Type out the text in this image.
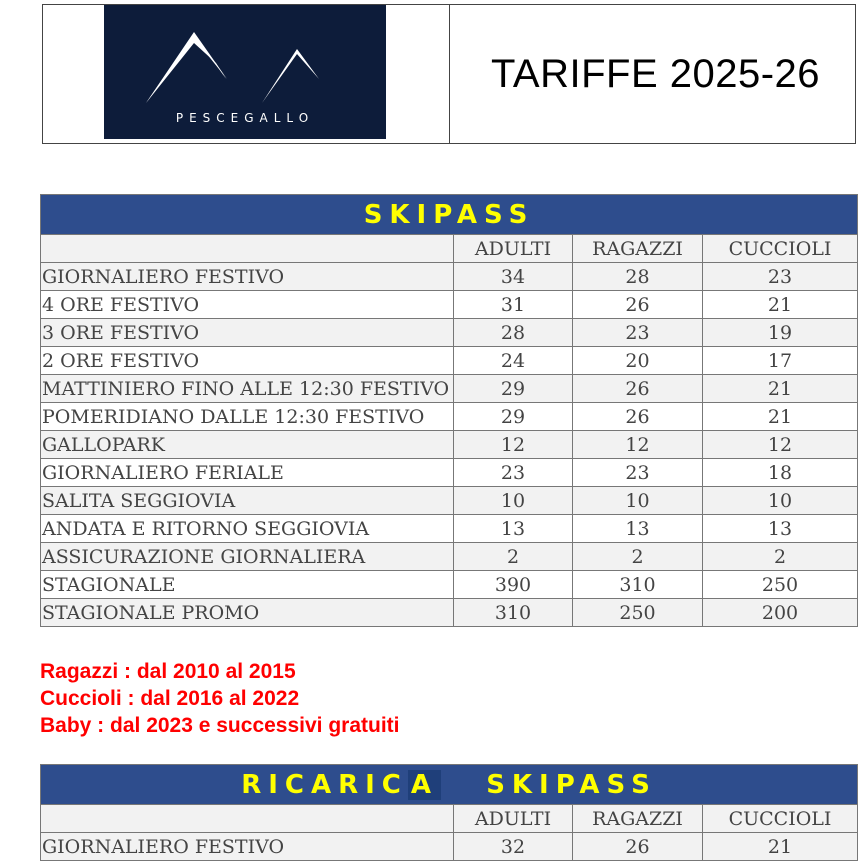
PESCEGALLO
TARIFFE 2025-26
SKIPASS			
	ADULTI	RAGAZZI	CUCCIOLI
GIORNALIERO FESTIVO	34	28	23
4 ORE FESTIVO	31	26	21
3 ORE FESTIVO	28	23	19
2 ORE FESTIVO	24	20	17
MATTINIERO FINO ALLE 12:30 FESTIVO	29	26	21
POMERIDIANO DALLE 12:30 FESTIVO	29	26	21
GALLOPARK	12	12	12
GIORNALIERO FERIALE	23	23	18
SALITA SEGGIOVIA	10	10	10
ANDATA E RITORNO SEGGIOVIA	13	13	13
ASSICURAZIONE GIORNALIERA	2	2	2
STAGIONALE	390	310	250
STAGIONALE PROMO	310	250	200
Ragazzi : dal 2010 al 2015
Cuccioli : dal 2016 al 2022
Baby : dal 2023 e successivi gratuiti
RICARIC A SKIPASS			
	ADULTI	RAGAZZI	CUCCIOLI
GIORNALIERO FESTIVO	32	26	21
